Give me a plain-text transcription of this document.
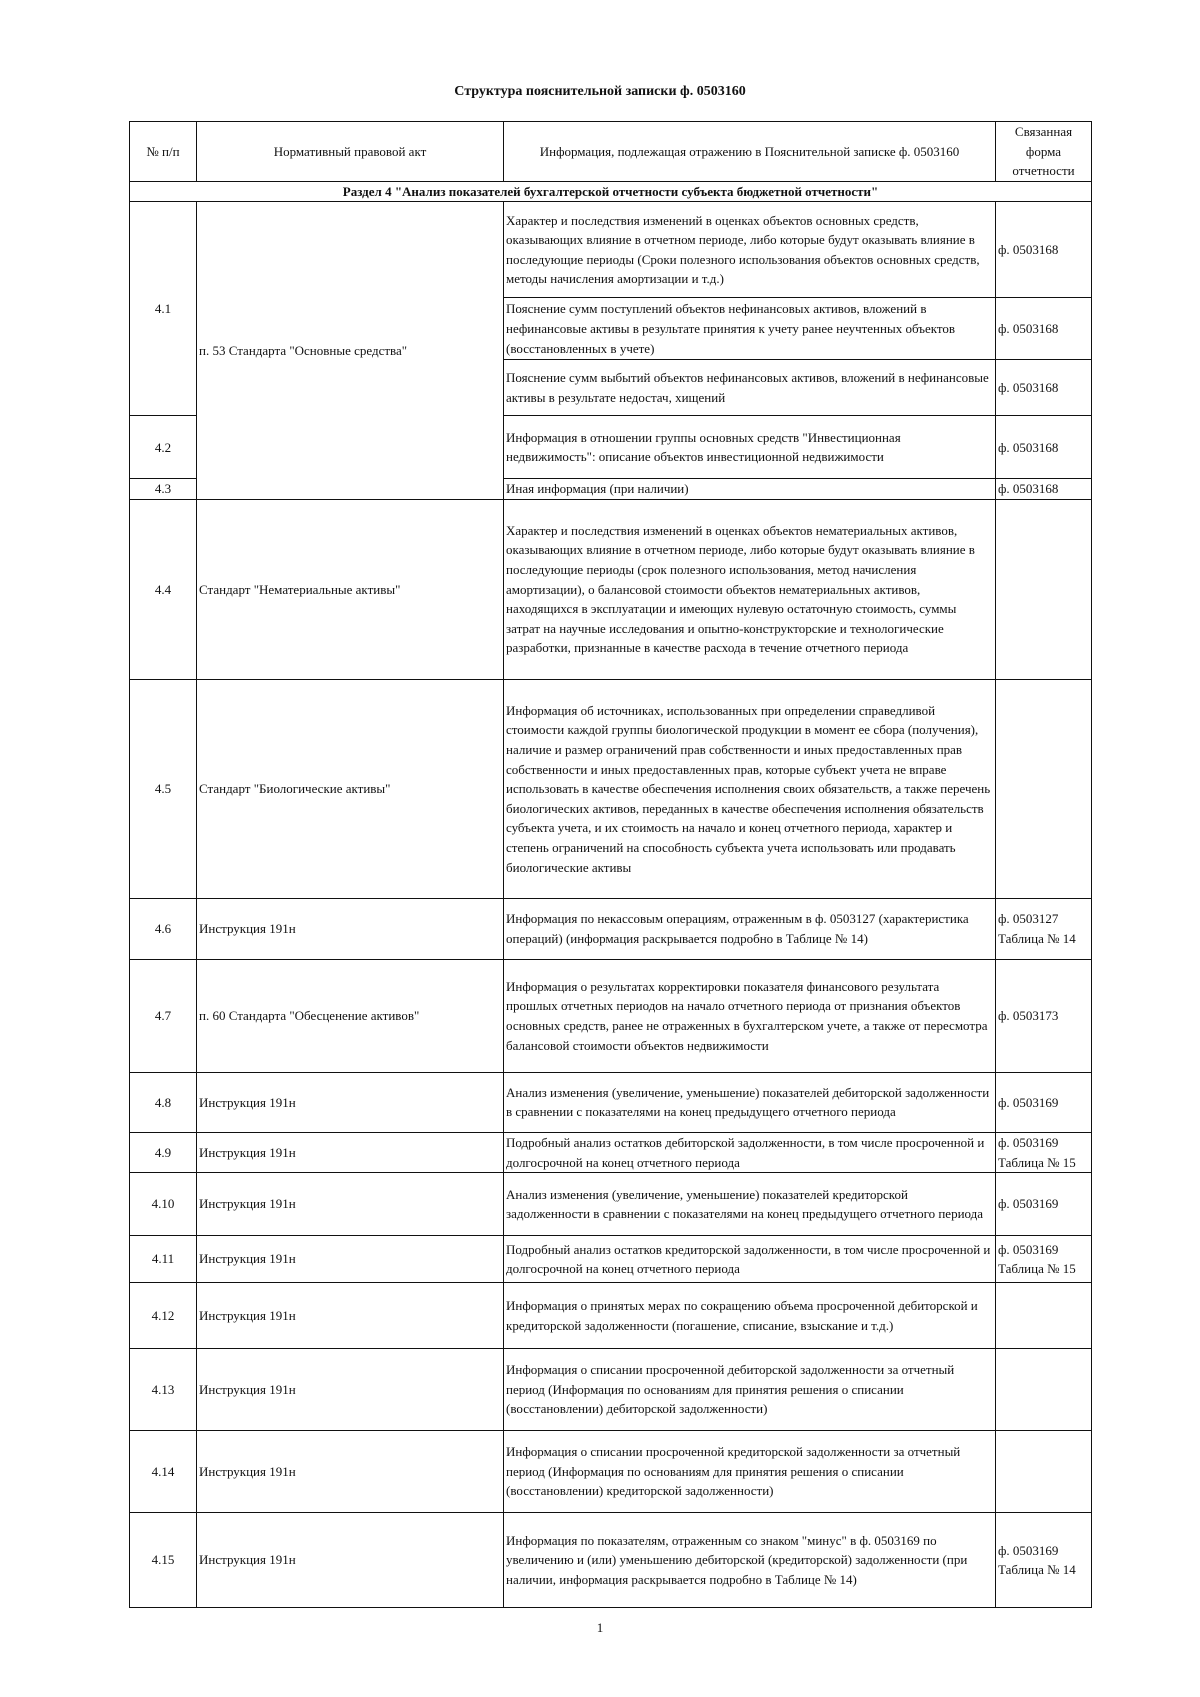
Структура пояснительной записки ф. 0503160
№ п/п	Нормативный правовой акт	Информация, подлежащая отражению в Пояснительной записке ф. 0503160	Связанная форма отчетности
Раздел 4 "Анализ показателей бухгалтерской отчетности субъекта бюджетной отчетности"			
4.1	п. 53 Стандарта "Основные средства"	Характер и последствия изменений в оценках объектов основных средств, оказывающих влияние в отчетном периоде, либо которые будут оказывать влияние в последующие периоды (Сроки полезного использования объектов основных средств, методы начисления амортизации и т.д.)	ф. 0503168
		Пояснение сумм поступлений объектов нефинансовых активов, вложений в нефинансовые активы в результате принятия к учету ранее неучтенных объектов (восстановленных в учете)	ф. 0503168
		Пояснение сумм выбытий объектов нефинансовых активов, вложений в нефинансовые активы в результате недостач, хищений	ф. 0503168
4.2		Информация в отношении группы основных средств "Инвестиционная недвижимость": описание объектов инвестиционной недвижимости	ф. 0503168
4.3		Иная информация (при наличии)	ф. 0503168
4.4	Стандарт "Нематериальные активы"	Характер и последствия изменений в оценках объектов нематериальных активов, оказывающих влияние в отчетном периоде, либо которые будут оказывать влияние в последующие периоды (срок полезного использования, метод начисления амортизации), о балансовой стоимости объектов нематериальных активов, находящихся в эксплуатации и имеющих нулевую остаточную стоимость, суммы затрат на научные исследования и опытно-конструкторские и технологические разработки, признанные в качестве расхода в течение отчетного периода	
4.5	Стандарт "Биологические активы"	Информация об источниках, использованных при определении справедливой стоимости каждой группы биологической продукции в момент ее сбора (получения), наличие и размер ограничений прав собственности и иных предоставленных прав собственности и иных предоставленных прав, которые субъект учета не вправе использовать в качестве обеспечения исполнения своих обязательств, а также перечень биологических активов, переданных в качестве обеспечения исполнения обязательств субъекта учета, и их стоимость на начало и конец отчетного периода, характер и степень ограничений на способность субъекта учета использовать или продавать биологические активы	
4.6	Инструкция 191н	Информация по некассовым операциям, отраженным в ф. 0503127 (характеристика операций) (информация раскрывается подробно в Таблице № 14)	ф. 0503127
Таблица № 14
4.7	п. 60 Стандарта "Обесценение активов"	Информация о результатах корректировки показателя финансового результата прошлых отчетных периодов на начало отчетного периода от признания объектов основных средств, ранее не отраженных в бухгалтерском учете, а также от пересмотра балансовой стоимости объектов недвижимости	ф. 0503173
4.8	Инструкция 191н	Анализ изменения (увеличение, уменьшение) показателей дебиторской задолженности в сравнении с показателями на конец предыдущего отчетного периода	ф. 0503169
4.9	Инструкция 191н	Подробный анализ остатков дебиторской задолженности, в том числе просроченной и долгосрочной на конец отчетного периода	ф. 0503169
Таблица № 15
4.10	Инструкция 191н	Анализ изменения (увеличение, уменьшение) показателей кредиторской задолженности в сравнении с показателями на конец предыдущего отчетного периода	ф. 0503169
4.11	Инструкция 191н	Подробный анализ остатков кредиторской задолженности, в том числе просроченной и долгосрочной на конец отчетного периода	ф. 0503169
Таблица № 15
4.12	Инструкция 191н	Информация о принятых мерах по сокращению объема просроченной дебиторской и кредиторской задолженности (погашение, списание, взыскание и т.д.)	
4.13	Инструкция 191н	Информация о списании просроченной дебиторской задолженности за отчетный период (Информация по основаниям для принятия решения о списании (восстановлении) дебиторской задолженности)	
4.14	Инструкция 191н	Информация о списании просроченной кредиторской задолженности за отчетный период (Информация по основаниям для принятия решения о списании (восстановлении) кредиторской задолженности)	
4.15	Инструкция 191н	Информация по показателям, отраженным со знаком "минус" в ф. 0503169 по увеличению и (или) уменьшению дебиторской (кредиторской) задолженности (при наличии, информация раскрывается подробно в Таблице № 14)	ф. 0503169
Таблица № 14
1
